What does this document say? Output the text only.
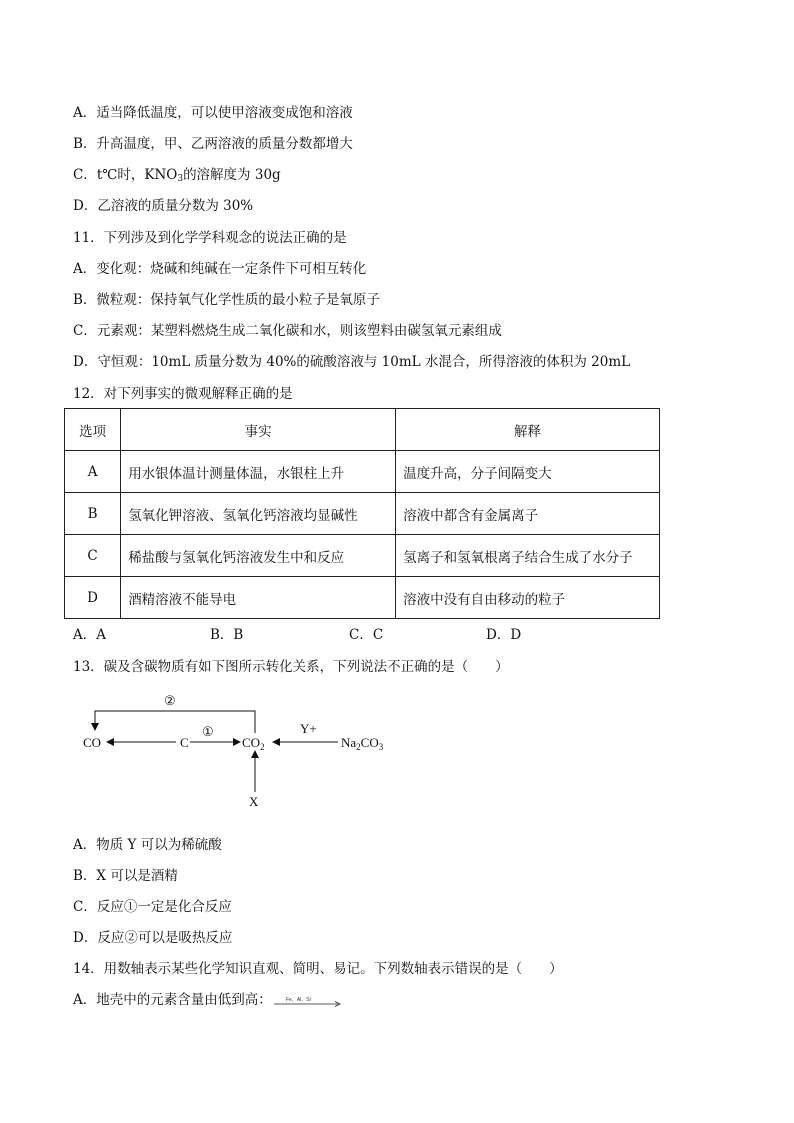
A．适当降低温度，可以使甲溶液变成饱和溶液
B．升高温度，甲、乙两溶液的质量分数都增大
C．t℃时，$KNO_3$的溶解度为 30g
D．乙溶液的质量分数为 30%
11．下列涉及到化学学科观念的说法正确的是
A．变化观：烧碱和纯碱在一定条件下可相互转化
B．微粒观：保持氧气化学性质的最小粒子是氧原子
C．元素观：某塑料燃烧生成二氧化碳和水，则该塑料由碳氢氧元素组成
D．守恒观：10mL 质量分数为 40%的硫酸溶液与 10mL 水混合，所得溶液的体积为 20mL
12．对下列事实的微观解释正确的是
选项	事实	解释
A	用水银体温计测量体温，水银柱上升	温度升高，分子间隔变大
B	氢氧化钾溶液、氢氧化钙溶液均显碱性	溶液中都含有金属离子
C	稀盐酸与氢氧化钙溶液发生中和反应	氢离子和氢氧根离子结合生成了水分子
D	酒精溶液不能导电	溶液中没有自由移动的粒子
A．A	B．B	C．C	D．D
13．碳及含碳物质有如下图所示转化关系，下列说法不正确的是（　　）
CO	C	$CO_2$	$Na_2CO_3$
X
Y+
①
②
A．物质 Y 可以为稀硫酸
B．X 可以是酒精
C．反应①一定是化合反应
D．反应②可以是吸热反应
14．用数轴表示某些化学知识直观、简明、易记。下列数轴表示错误的是（　　）
A．地壳中的元素含量由低到高：	Fe、Al、Si
